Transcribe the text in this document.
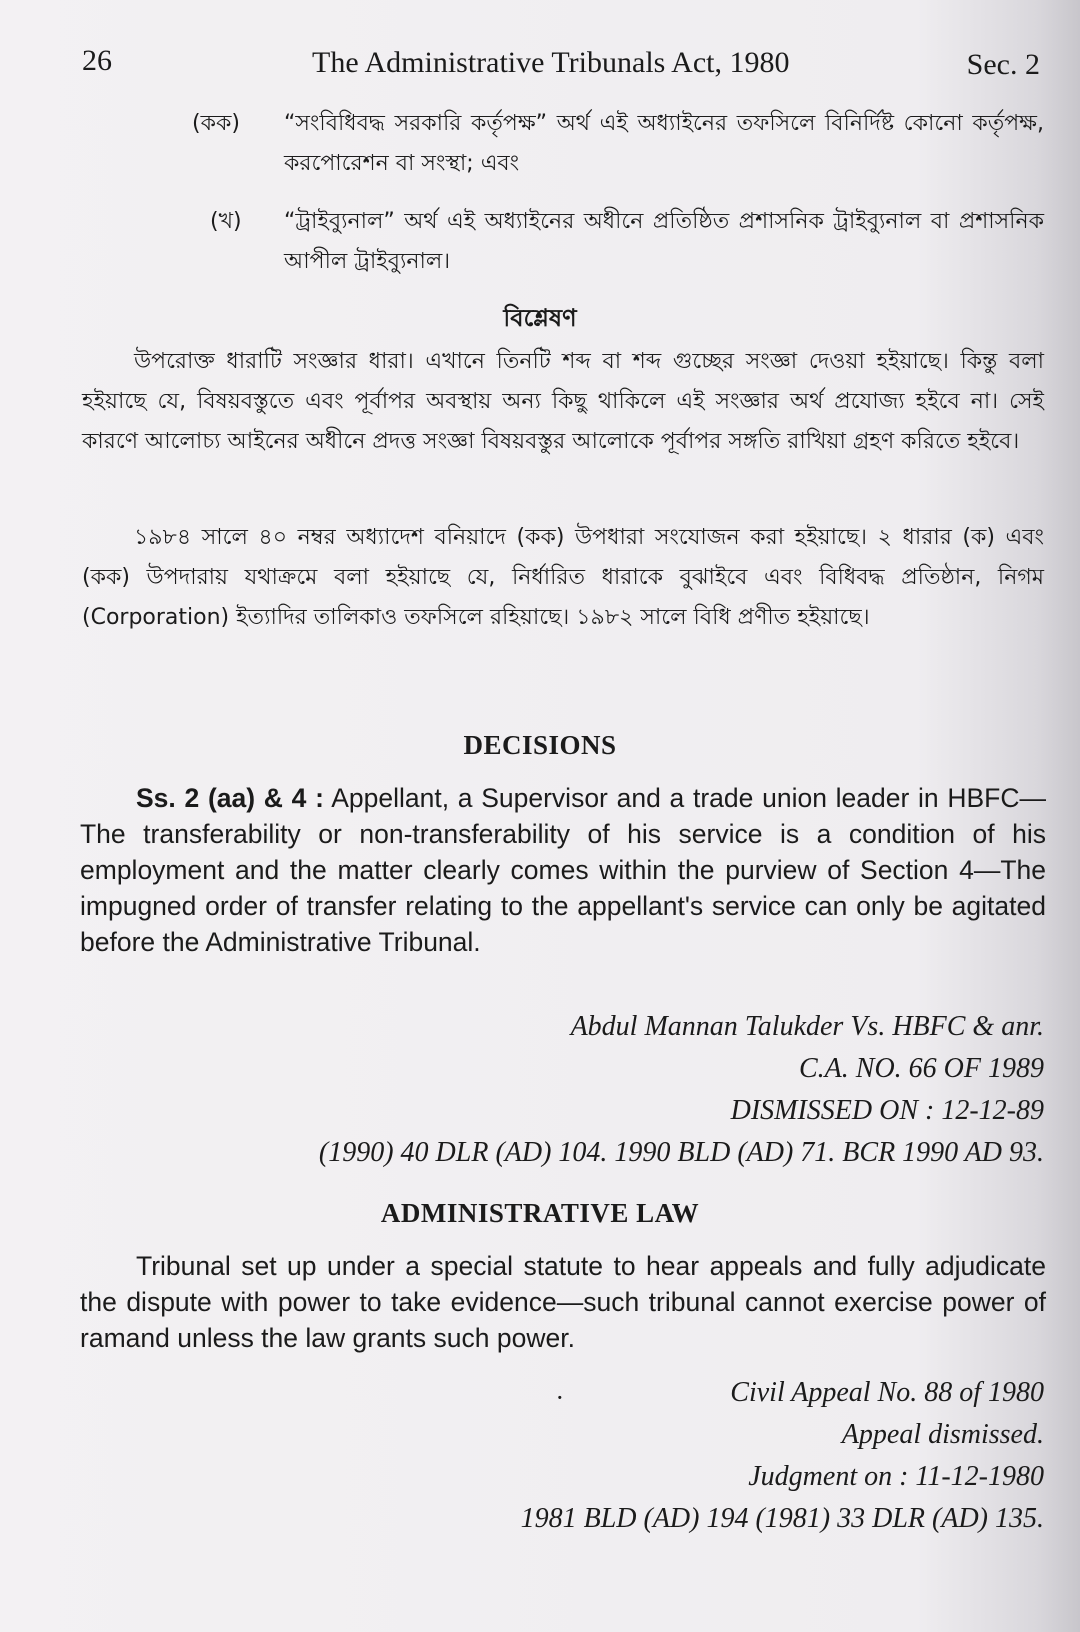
26	The Administrative Tribunals Act, 1980	Sec. 2
(কক)	“সংবিধিবদ্ধ সরকারি কর্তৃপক্ষ” অর্থ এই অধ্যাইনের তফসিলে বিনির্দিষ্ট কোনো কর্তৃপক্ষ, করপোরেশন বা সংস্থা; এবং
(খ)	“ট্রাইব্যুনাল” অর্থ এই অধ্যাইনের অধীনে প্রতিষ্ঠিত প্রশাসনিক ট্রাইব্যুনাল বা প্রশাসনিক আপীল ট্রাইব্যুনাল।
বিশ্লেষণ
উপরোক্ত ধারাটি সংজ্ঞার ধারা। এখানে তিনটি শব্দ বা শব্দ গুচ্ছের সংজ্ঞা দেওয়া হইয়াছে। কিন্তু বলা হইয়াছে যে, বিষয়বস্তুতে এবং পূর্বাপর অবস্থায় অন্য কিছু থাকিলে এই সংজ্ঞার অর্থ প্রযোজ্য হইবে না। সেই কারণে আলোচ্য আইনের অধীনে প্রদত্ত সংজ্ঞা বিষয়বস্তুর আলোকে পূর্বাপর সঙ্গতি রাখিয়া গ্রহণ করিতে হইবে।
১৯৮৪ সালে ৪০ নম্বর অধ্যাদেশ বনিয়াদে (কক) উপধারা সংযোজন করা হইয়াছে। ২ ধারার (ক) এবং (কক) উপদারায় যথাক্রমে বলা হইয়াছে যে, নির্ধারিত ধারাকে বুঝাইবে এবং বিধিবদ্ধ প্রতিষ্ঠান, নিগম (Corporation) ইত্যাদির তালিকাও তফসিলে রহিয়াছে। ১৯৮২ সালে বিধি প্রণীত হইয়াছে।
DECISIONS
Ss. 2 (aa) & 4 : Appellant, a Supervisor and a trade union leader in HBFC—The transferability or non-transferability of his service is a condition of his employment and the matter clearly comes within the purview of Section 4—The impugned order of transfer relating to the appellant's service can only be agitated before the Administrative Tribunal.
Abdul Mannan Talukder Vs. HBFC & anr.
C.A. NO. 66 OF 1989
DISMISSED ON : 12-12-89
(1990) 40 DLR (AD) 104. 1990 BLD (AD) 71. BCR 1990 AD 93.
ADMINISTRATIVE LAW
Tribunal set up under a special statute to hear appeals and fully adjudicate the dispute with power to take evidence—such tribunal cannot exercise power of ramand unless the law grants such power.
·	Civil Appeal No. 88 of 1980
Appeal dismissed.
Judgment on : 11-12-1980
1981 BLD (AD) 194 (1981) 33 DLR (AD) 135.
